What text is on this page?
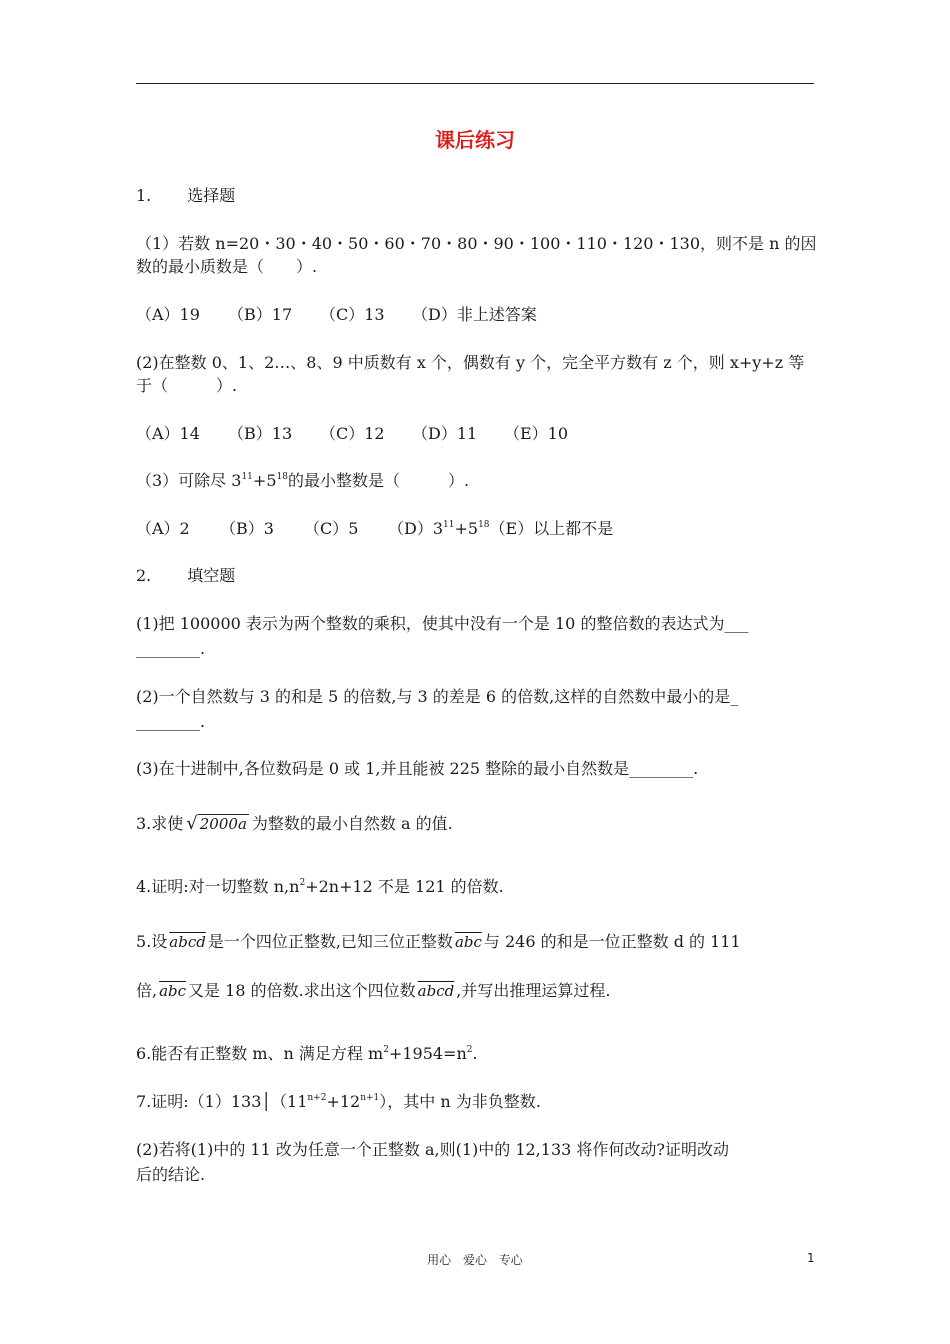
课后练习
1. 选择题
（1）若数 n=20・30・40・50・60・70・80・90・100・110・120・130，则不是 n 的因
数的最小质数是（　　）.
（A）19 （B）17 （C）13 （D）非上述答案
(2)在整数 0、1、2…、8、9 中质数有 x 个，偶数有 y 个，完全平方数有 z 个，则 x+y+z 等
于（　　　）.
（A）14 （B）13 （C）12 （D）11 （E）10
（3）可除尽 $3^{11}+5^{18}$的最小整数是（　　　）.
（A）2 （B）3 （C）5 $(D)3^{11}+5^{18}(E)$以上都不是
2. 填空题
(1)把 100000 表示为两个整数的乘积，使其中没有一个是 10 的整倍数的表达式为___
________.
(2)一个自然数与 3 的和是 5 的倍数,与 3 的差是 6 的倍数,这样的自然数中最小的是_
________.
(3)在十进制中,各位数码是 0 或 1,并且能被 225 整除的最小自然数是________.
3.求使 √ 2000a 为整数的最小自然数 a 的值.
4.证明:对一切整数 $n,n^2+2n+12$ 不是 121 的倍数.
5.设 abcd 是一个四位正整数,已知三位正整数 $\overline{abc}$ 与 246 的和是一位正整数 d 的 111
倍, $\overline{abc}$ 又是 18 的倍数.求出这个四位数 abcd ,并写出推理运算过程.
6.能否有正整数 m、n 满足方程 $m^2+1954=n^2$.
7.证明$:(1)133│(11^{n+2}+12^{n+1})$，其中 n 为非负整数.
(2)若将(1)中的 11 改为任意一个正整数 a,则(1)中的 12,133 将作何改动?证明改动
后的结论.
用心 爱心 专心	1
